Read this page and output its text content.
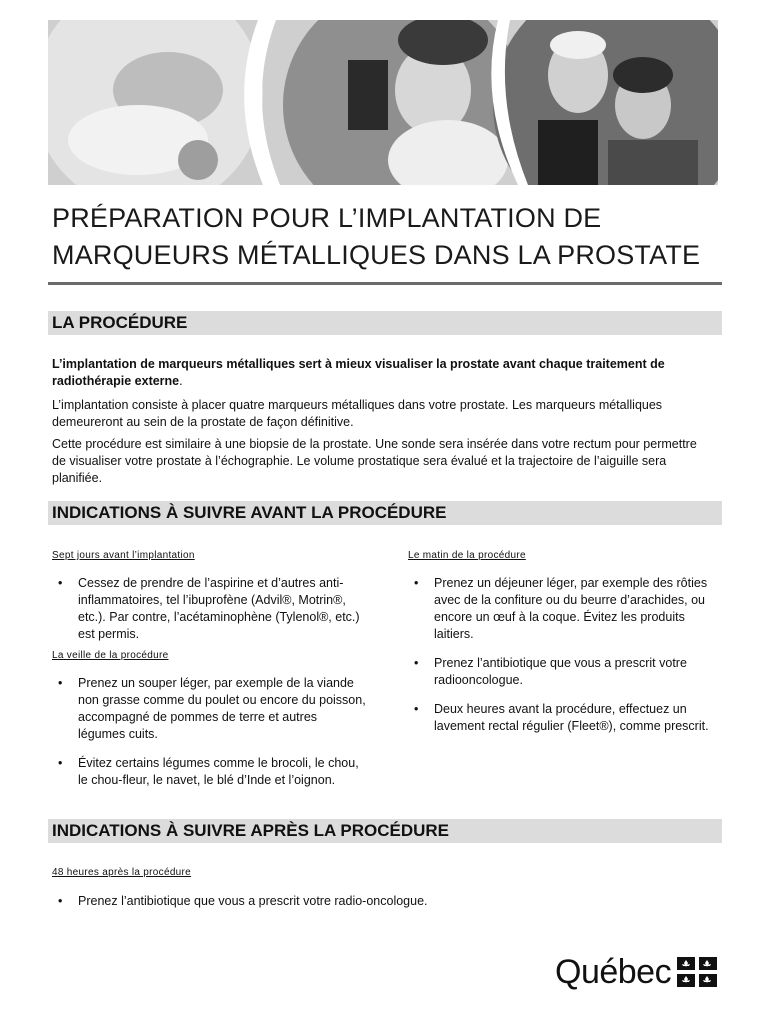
PRÉPARATION POUR L’IMPLANTATION DE MARQUEURS MÉTALLIQUES DANS LA PROSTATE
LA PROCÉDURE

L’implantation de marqueurs métalliques sert à mieux visualiser la prostate avant chaque traitement de radiothérapie externe.

L’implantation consiste à placer quatre marqueurs métalliques dans votre prostate. Les marqueurs métalliques demeureront au sein de la prostate de façon définitive.

Cette procédure est similaire à une biopsie de la prostate. Une sonde sera insérée dans votre rectum pour permettre de visualiser votre prostate à l’échographie. Le volume prostatique sera évalué et la trajectoire de l’aiguille sera planifiée.

INDICATIONS À SUIVRE AVANT LA PROCÉDURE
Sept jours avant l’implantation
• Cessez de prendre de l’aspirine et d’autres anti-inflammatoires, tel l’ibuprofène (Advil®, Motrin®, etc.). Par contre, l’acétaminophène (Tylenol®, etc.) est permis.
La veille de la procédure
• Prenez un souper léger, par exemple de la viande non grasse comme du poulet ou encore du poisson, accompagné de pommes de terre et autres légumes cuits.
• Évitez certains légumes comme le brocoli, le chou, le chou-fleur, le navet, le blé d’Inde et l’oignon.
Le matin de la procédure
• Prenez un déjeuner léger, par exemple des rôties avec de la confiture ou du beurre d’arachides, ou encore un œuf à la coque. Évitez les produits laitiers.
• Prenez l’antibiotique que vous a prescrit votre radiooncologue.
• Deux heures avant la procédure, effectuez un lavement rectal régulier (Fleet®), comme prescrit.
INDICATIONS À SUIVRE APRÈS LA PROCÉDURE
48 heures après la procédure
• Prenez l’antibiotique que vous a prescrit votre radio-oncologue.
Québec
